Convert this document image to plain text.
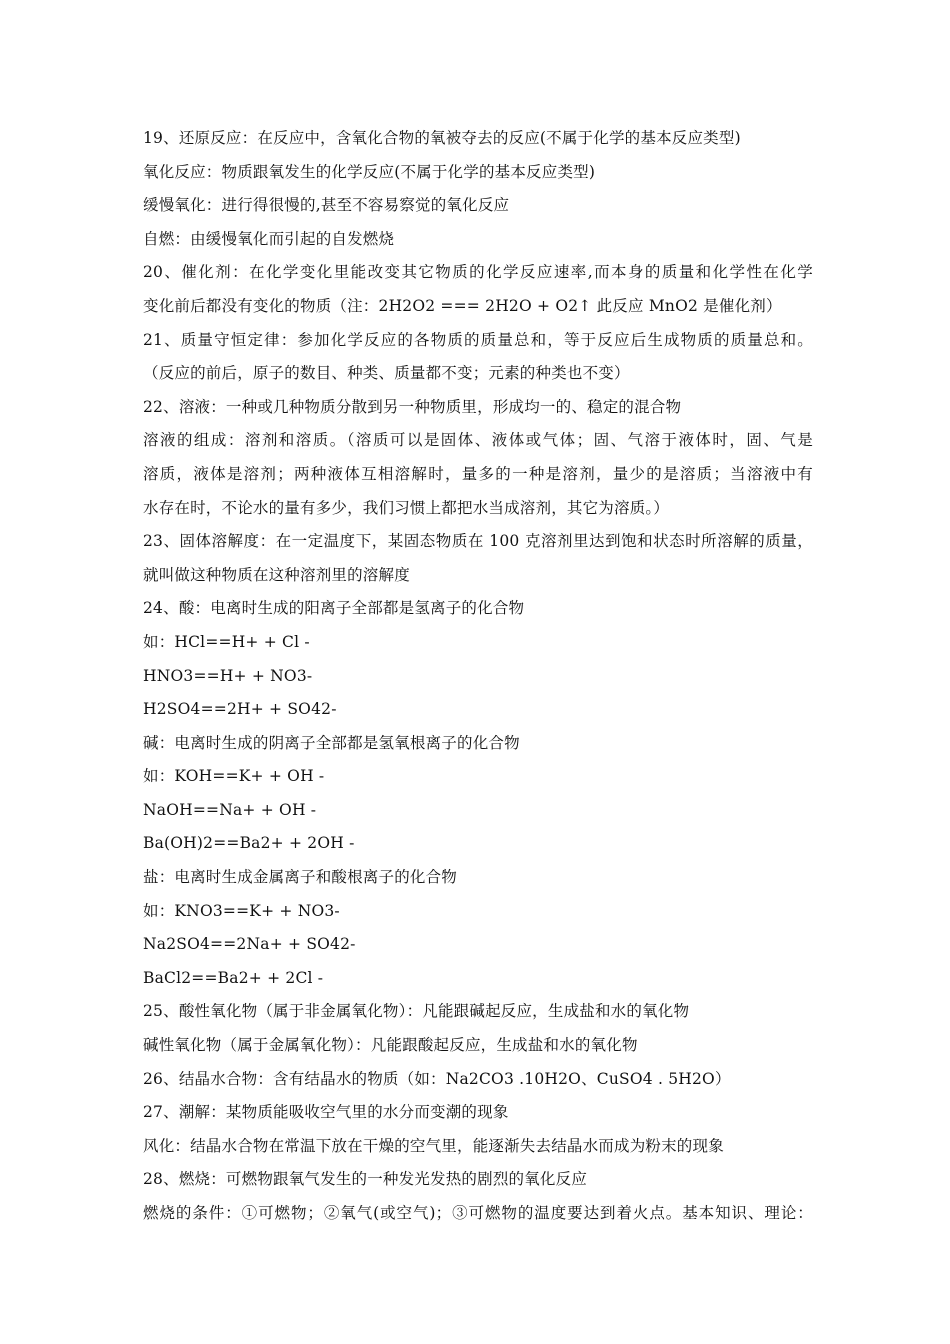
19、还原反应：在反应中，含氧化合物的氧被夺去的反应(不属于化学的基本反应类型)
氧化反应：物质跟氧发生的化学反应(不属于化学的基本反应类型)
缓慢氧化：进行得很慢的,甚至不容易察觉的氧化反应
自燃：由缓慢氧化而引起的自发燃烧
20、催化剂：在化学变化里能改变其它物质的化学反应速率,而本身的质量和化学性在化学
变化前后都没有变化的物质（注：2H2O2 === 2H2O + O2↑ 此反应 MnO2 是催化剂）
21、质量守恒定律：参加化学反应的各物质的质量总和，等于反应后生成物质的质量总和。
（反应的前后，原子的数目、种类、质量都不变；元素的种类也不变）
22、溶液：一种或几种物质分散到另一种物质里，形成均一的、稳定的混合物
溶液的组成：溶剂和溶质。（溶质可以是固体、液体或气体；固、气溶于液体时，固、气是
溶质，液体是溶剂；两种液体互相溶解时，量多的一种是溶剂，量少的是溶质；当溶液中有
水存在时，不论水的量有多少，我们习惯上都把水当成溶剂，其它为溶质。）
23、固体溶解度：在一定温度下，某固态物质在 100 克溶剂里达到饱和状态时所溶解的质量，
就叫做这种物质在这种溶剂里的溶解度
24、酸：电离时生成的阳离子全部都是氢离子的化合物
如：HCl==H+ + Cl -
HNO3==H+ + NO3-
H2SO4==2H+ + SO42-
碱：电离时生成的阴离子全部都是氢氧根离子的化合物
如：KOH==K+ + OH -
NaOH==Na+ + OH -
Ba(OH)2==Ba2+ + 2OH -
盐：电离时生成金属离子和酸根离子的化合物
如：KNO3==K+ + NO3-
Na2SO4==2Na+ + SO42-
BaCl2==Ba2+ + 2Cl -
25、酸性氧化物（属于非金属氧化物）：凡能跟碱起反应，生成盐和水的氧化物
碱性氧化物（属于金属氧化物）：凡能跟酸起反应，生成盐和水的氧化物
26、结晶水合物：含有结晶水的物质（如：Na2CO3 .10H2O、CuSO4 . 5H2O）
27、潮解：某物质能吸收空气里的水分而变潮的现象
风化：结晶水合物在常温下放在干燥的空气里，能逐渐失去结晶水而成为粉末的现象
28、燃烧：可燃物跟氧气发生的一种发光发热的剧烈的氧化反应
燃烧的条件：①可燃物；②氧气(或空气)；③可燃物的温度要达到着火点。基本知识、理论：
